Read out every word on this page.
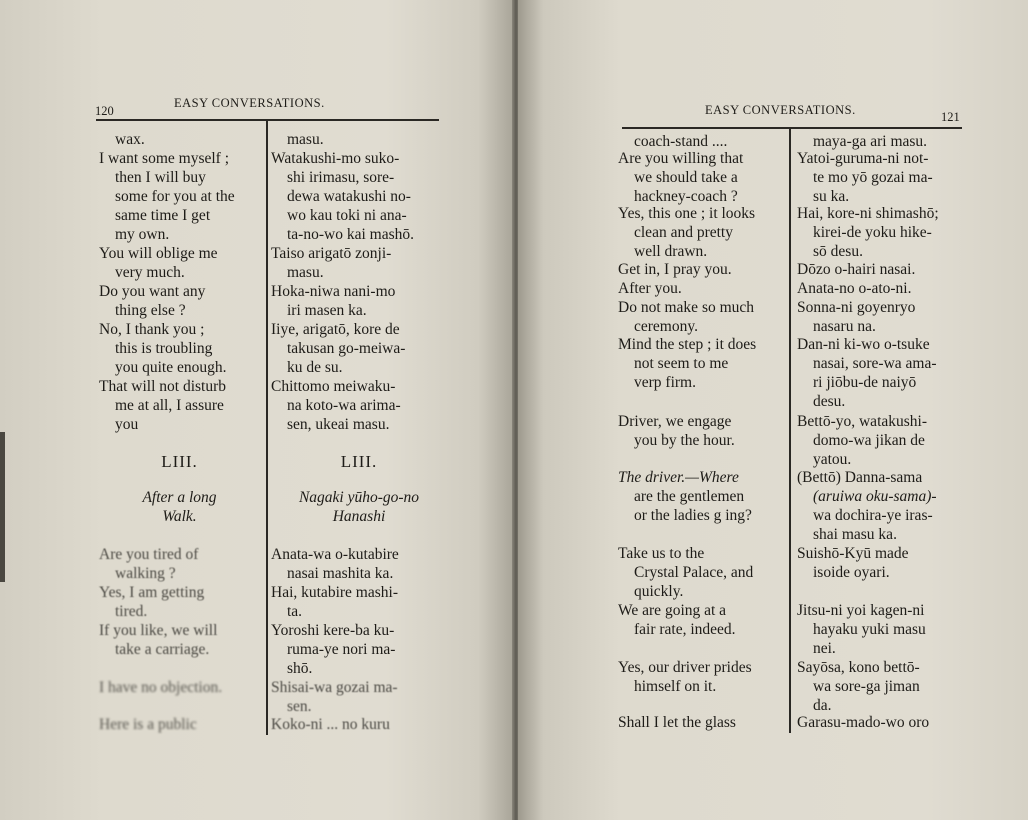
120
EASY CONVERSATIONS.
wax.
I want some myself ;
then I will buy
some for you at the
same time I get
my own.
You will oblige me
very much.
Do you want any
thing else ?
No, I thank you ;
this is troubling
you quite enough.
That will not disturb
me at all, I assure
you
LIII.
After a long
Walk.
Are you tired of
walking ?
Yes, I am getting
tired.
If you like, we will
take a carriage.
I have no objection.
Here is a public
masu.
Watakushi-mo suko-
shi irimasu, sore-
dewa watakushi no-
wo kau toki ni ana-
ta-no-wo kai mashō.
Taiso arigatō zonji-
masu.
Hoka-niwa nani-mo
iri masen ka.
Iiye, arigatō, kore de
takusan go-meiwa-
ku de su.
Chittomo meiwaku-
na koto-wa arima-
sen, ukeai masu.
LIII.
Nagaki yūho-go-no
Hanashi
Anata-wa o-kutabire
nasai mashita ka.
Hai, kutabire mashi-
ta.
Yoroshi kere-ba ku-
ruma-ye nori ma-
shō.
Shisai-wa gozai ma-
sen.
Koko-ni ... no kuru
EASY CONVERSATIONS.	121
coach-stand ....
Are you willing that
we should take a
hackney-coach ?
Yes, this one ; it looks
clean and pretty
well drawn.
Get in, I pray you.
After you.
Do not make so much
ceremony.
Mind the step ; it does
not seem to me
verp firm.
Driver, we engage
you by the hour.
The driver.—Where
are the gentlemen
or the ladies g ing?
Take us to the
Crystal Palace, and
quickly.
We are going at a
fair rate, indeed.
Yes, our driver prides
himself on it.
Shall I let the glass
maya-ga ari masu.
Yatoi-guruma-ni not-
te mo yō gozai ma-
su ka.
Hai, kore-ni shimashō;
kirei-de yoku hike-
sō desu.
Dōzo o-hairi nasai.
Anata-no o-ato-ni.
Sonna-ni goyenryo
nasaru na.
Dan-ni ki-wo o-tsuke
nasai, sore-wa ama-
ri jiōbu-de naiyō
desu.
Bettō-yo, watakushi-
domo-wa jikan de
yatou.
(Bettō) Danna-sama
(aruiwa oku-sama)-
wa dochira-ye iras-
shai masu ka.
Suishō-Kyū made
isoide oyari.
Jitsu-ni yoi kagen-ni
hayaku yuki masu
nei.
Sayōsa, kono bettō-
wa sore-ga jiman
da.
Garasu-mado-wo oro
